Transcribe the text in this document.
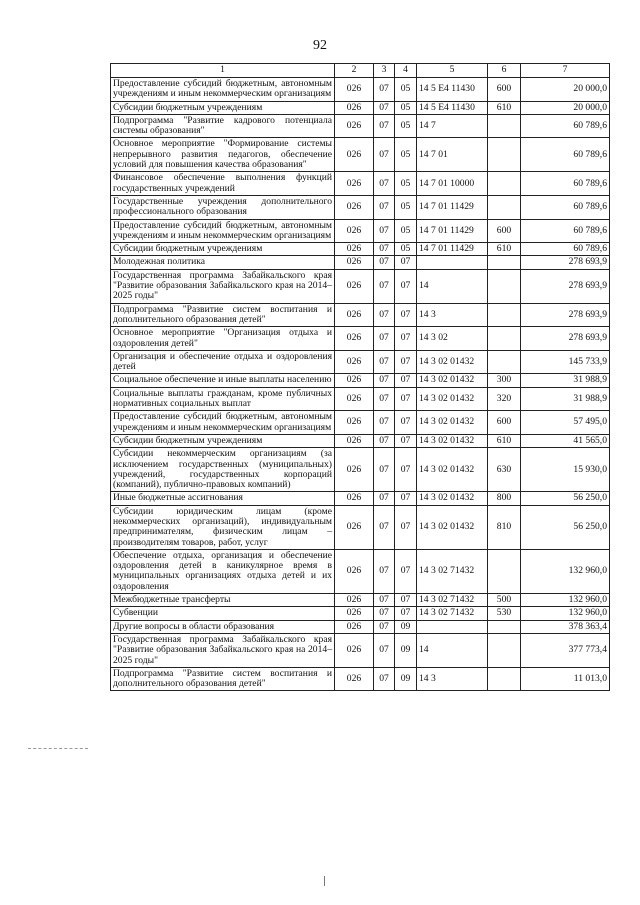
92
1	2	3	4	5	6	7
Предоставление субсидий бюджетным, автономным учреждениям и иным некоммерческим организациям	026	07	05	14 5 E4 11430	600	20 000,0
Субсидии бюджетным учреждениям	026	07	05	14 5 E4 11430	610	20 000,0
Подпрограмма "Развитие кадрового потенциала системы образования"	026	07	05	14 7		60 789,6
Основное мероприятие "Формирование системы непрерывного развития педагогов, обеспечение условий для повышения качества образования"	026	07	05	14 7 01		60 789,6
Финансовое обеспечение выполнения функций государственных учреждений	026	07	05	14 7 01 10000		60 789,6
Государственные учреждения дополнительного профессионального образования	026	07	05	14 7 01 11429		60 789,6
Предоставление субсидий бюджетным, автономным учреждениям и иным некоммерческим организациям	026	07	05	14 7 01 11429	600	60 789,6
Субсидии бюджетным учреждениям	026	07	05	14 7 01 11429	610	60 789,6
Молодежная политика	026	07	07			278 693,9
Государственная программа Забайкальского края "Развитие образования Забайкальского края на 2014–2025 годы"	026	07	07	14		278 693,9
Подпрограмма "Развитие систем воспитания и дополнительного образования детей"	026	07	07	14 3		278 693,9
Основное мероприятие "Организация отдыха и оздоровления детей"	026	07	07	14 3 02		278 693,9
Организация и обеспечение отдыха и оздоровления детей	026	07	07	14 3 02 01432		145 733,9
Социальное обеспечение и иные выплаты населению	026	07	07	14 3 02 01432	300	31 988,9
Социальные выплаты гражданам, кроме публичных нормативных социальных выплат	026	07	07	14 3 02 01432	320	31 988,9
Предоставление субсидий бюджетным, автономным учреждениям и иным некоммерческим организациям	026	07	07	14 3 02 01432	600	57 495,0
Субсидии бюджетным учреждениям	026	07	07	14 3 02 01432	610	41 565,0
Субсидии некоммерческим организациям (за исключением государственных (муниципальных) учреждений, государственных корпораций (компаний), публично-правовых компаний)	026	07	07	14 3 02 01432	630	15 930,0
Иные бюджетные ассигнования	026	07	07	14 3 02 01432	800	56 250,0
Субсидии юридическим лицам (кроме некоммерческих организаций), индивидуальным предпринимателям, физическим лицам – производителям товаров, работ, услуг	026	07	07	14 3 02 01432	810	56 250,0
Обеспечение отдыха, организация и обеспечение оздоровления детей в каникулярное время в муниципальных организациях отдыха детей и их оздоровления	026	07	07	14 3 02 71432		132 960,0
Межбюджетные трансферты	026	07	07	14 3 02 71432	500	132 960,0
Субвенции	026	07	07	14 3 02 71432	530	132 960,0
Другие вопросы в области образования	026	07	09			378 363,4
Государственная программа Забайкальского края "Развитие образования Забайкальского края на 2014–2025 годы"	026	07	09	14		377 773,4
Подпрограмма "Развитие систем воспитания и дополнительного образования детей"	026	07	09	14 3		11 013,0
